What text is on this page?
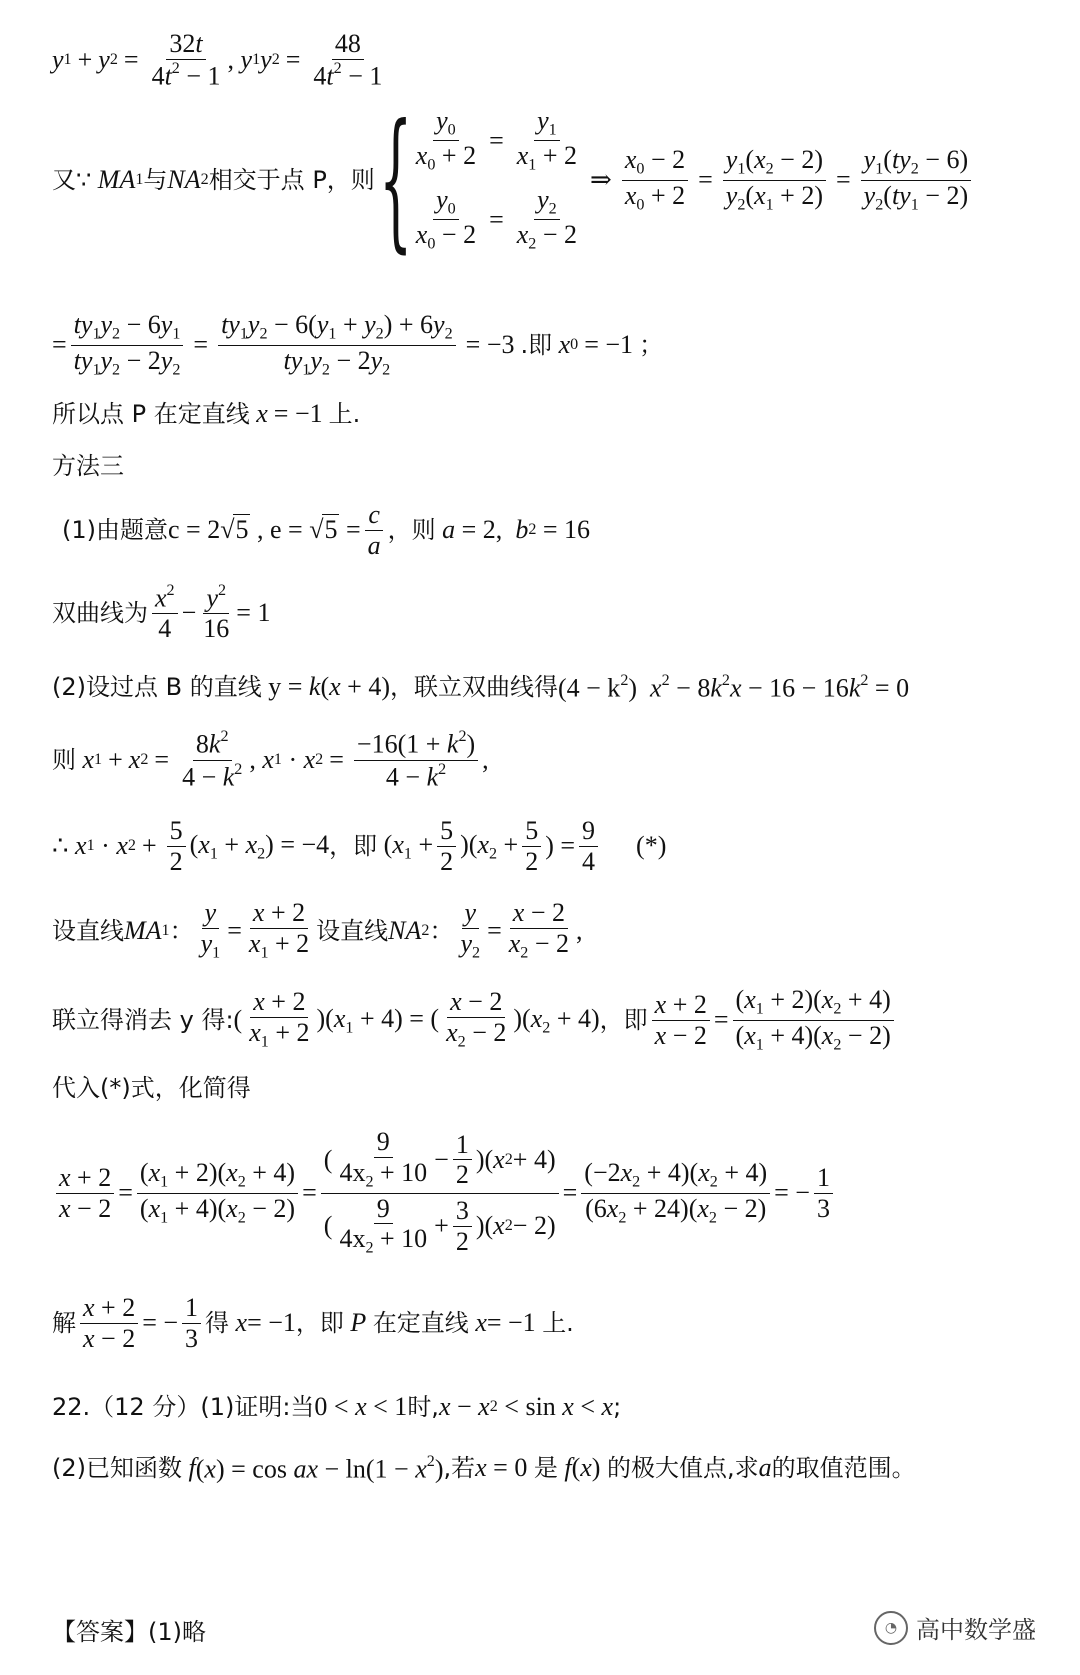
y 1 + y $2 = \frac{32t}{4t^2 - 1}$ , y 1 y $2 = \frac{48}{4t^2 - 1}$
又∵ MA 1 与 NA 2 相交于点 P，则 { $\frac{y_0}{x_0 + 2} = \frac{y_1}{x_1 + 2}$
$\frac{y_0}{x_0 - 2} = \frac{y_2}{x_2 - 2}$
⇒ $\frac{x_0 - 2}{x_0 + 2} = \frac{y_1(x_2 - 2)}{y_2(x_1 + 2)} = \frac{y_1(ty_2 - 6)}{y_2(ty_1 - 2)}$
= $\frac{ty_1y_2 - 6y_1}{ty_1y_2 - 2y_2} = \frac{ty_1y_2 - 6(y_1 + y_2) + 6y_2}{ty_1y_2 - 2y_2} = -3$ .即 x 0 = −1 ；
所以点 P 在定直线 x = −1 上.
方法三
(1)由题意 c = 2√5 , $e = √5 = \frac{c}{a}$ ，则 a = 2, b 2 = 16
双曲线为 $\frac{x^2}{4} - \frac{y^2}{16} = 1$
(2)设过点 B 的直线 y = k(x + 4) ，联立双曲线得 $(4 - k^2)$  $x^2 - 8k^2x - 16 - 16k^2 = 0$
则 x 1 + x $2 = \frac{8k^2}{4 - k^2}$ , x 1 · x $2 = \frac{-16(1 + k^2)}{4 - k^2}$ ,
∴ x 1 · x $2 + \frac{5}{2} (x_1 + x_2) = -4$ ，即 $(x_1 + \frac{5}{2} )(x_2 + \frac{5}{2}$ ) = $\frac{9}{4}$ (*)
设直线 MA 1 ： $\frac{y}{y_1} = \frac{x + 2}{x_1 + 2}$ 设直线 NA 2 ： $\frac{y}{y_2} = \frac{x - 2}{x_2 - 2}$ ,
联立得消去 y 得: ( $\frac{x + 2}{x_1 + 2} )(x_1 + 4)$ = ( $\frac{x - 2}{x_2 - 2} )(x_2 + 4)$ ，即 $\frac{x + 2}{x - 2} = \frac{(x_1 + 2)(x_2 + 4)}{(x_1 + 4)(x_2 - 2)}$
代入(*)式，化简得
$\frac{x + 2}{x - 2} = \frac{(x_1 + 2)(x_2 + 4)}{(x_1 + 4)(x_2 - 2)} = \frac{( \frac{9}{4x_2 + 10} - \frac{1}{2} )( x 2 + 4)}{( \frac{9}{4x_2 + 10} + \frac{3}{2} )( x 2 - 2)} = \frac{(-2x_2 + 4)(x_2 + 4)}{(6x_2 + 24)(x_2 - 2)}$ = − $\frac{1}{3}$
解 $\frac{x + 2}{x - 2}$ = − $\frac{1}{3}$ 得 x = −1 ，即 P 在定直线 x = −1 上.
22.（12 分）(1)证明:当 0 < x < 1 时, x − x 2 < sin x < x ;
(2)已知函数 f (x) = cos ax − $\ln(1 - x^2)$ ,若 x = 0 是 f (x) 的极大值点,求 a 的取值范围。
【答案】(1)略	◔ 高中数学盛
